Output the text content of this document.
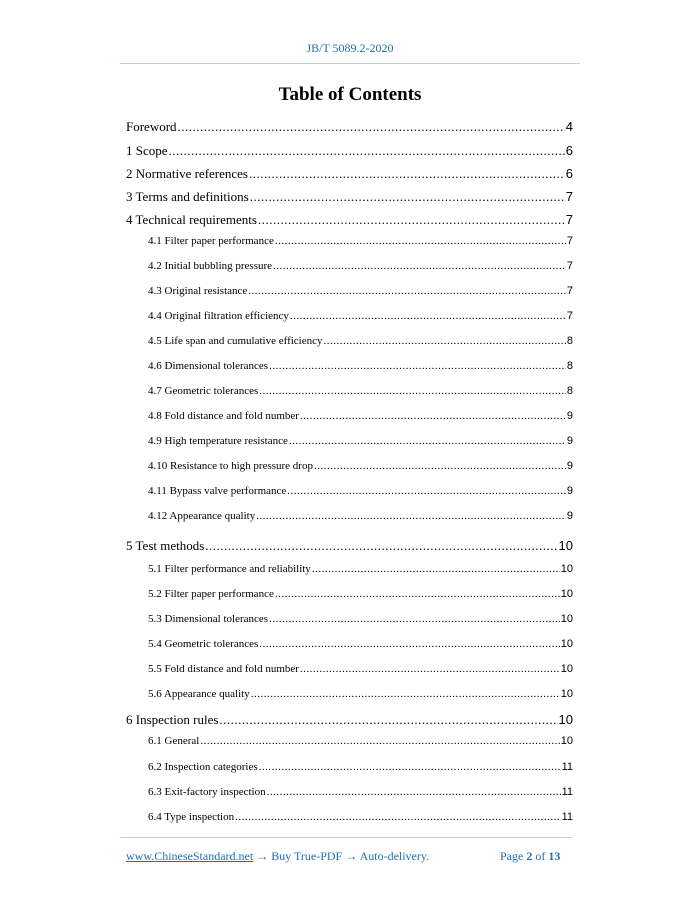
JB/T 5089.2-2020
Table of Contents
Foreword .....	4
1 Scope .....	6
2 Normative references .....	6
3 Terms and definitions .....	7
4 Technical requirements .....	7
4.1 Filter paper performance .....	7
4.2 Initial bubbling pressure .....	7
4.3 Original resistance .....	7
4.4 Original filtration efficiency .....	7
4.5 Life span and cumulative efficiency .....	8
4.6 Dimensional tolerances .....	8
4.7 Geometric tolerances .....	8
4.8 Fold distance and fold number .....	9
4.9 High temperature resistance .....	9
4.10 Resistance to high pressure drop .....	9
4.11 Bypass valve performance .....	9
4.12 Appearance quality .....	9
5 Test methods .....	10
5.1 Filter performance and reliability .....	10
5.2 Filter paper performance .....	10
5.3 Dimensional tolerances .....	10
5.4 Geometric tolerances .....	10
5.5 Fold distance and fold number .....	10
5.6 Appearance quality .....	10
6 Inspection rules .....	10
6.1 General .....	10
6.2 Inspection categories .....	11
6.3 Exit-factory inspection .....	11
6.4 Type inspection .....	11
www.ChineseStandard.net → Buy True-PDF → Auto-delivery.	Page 2 of 13
